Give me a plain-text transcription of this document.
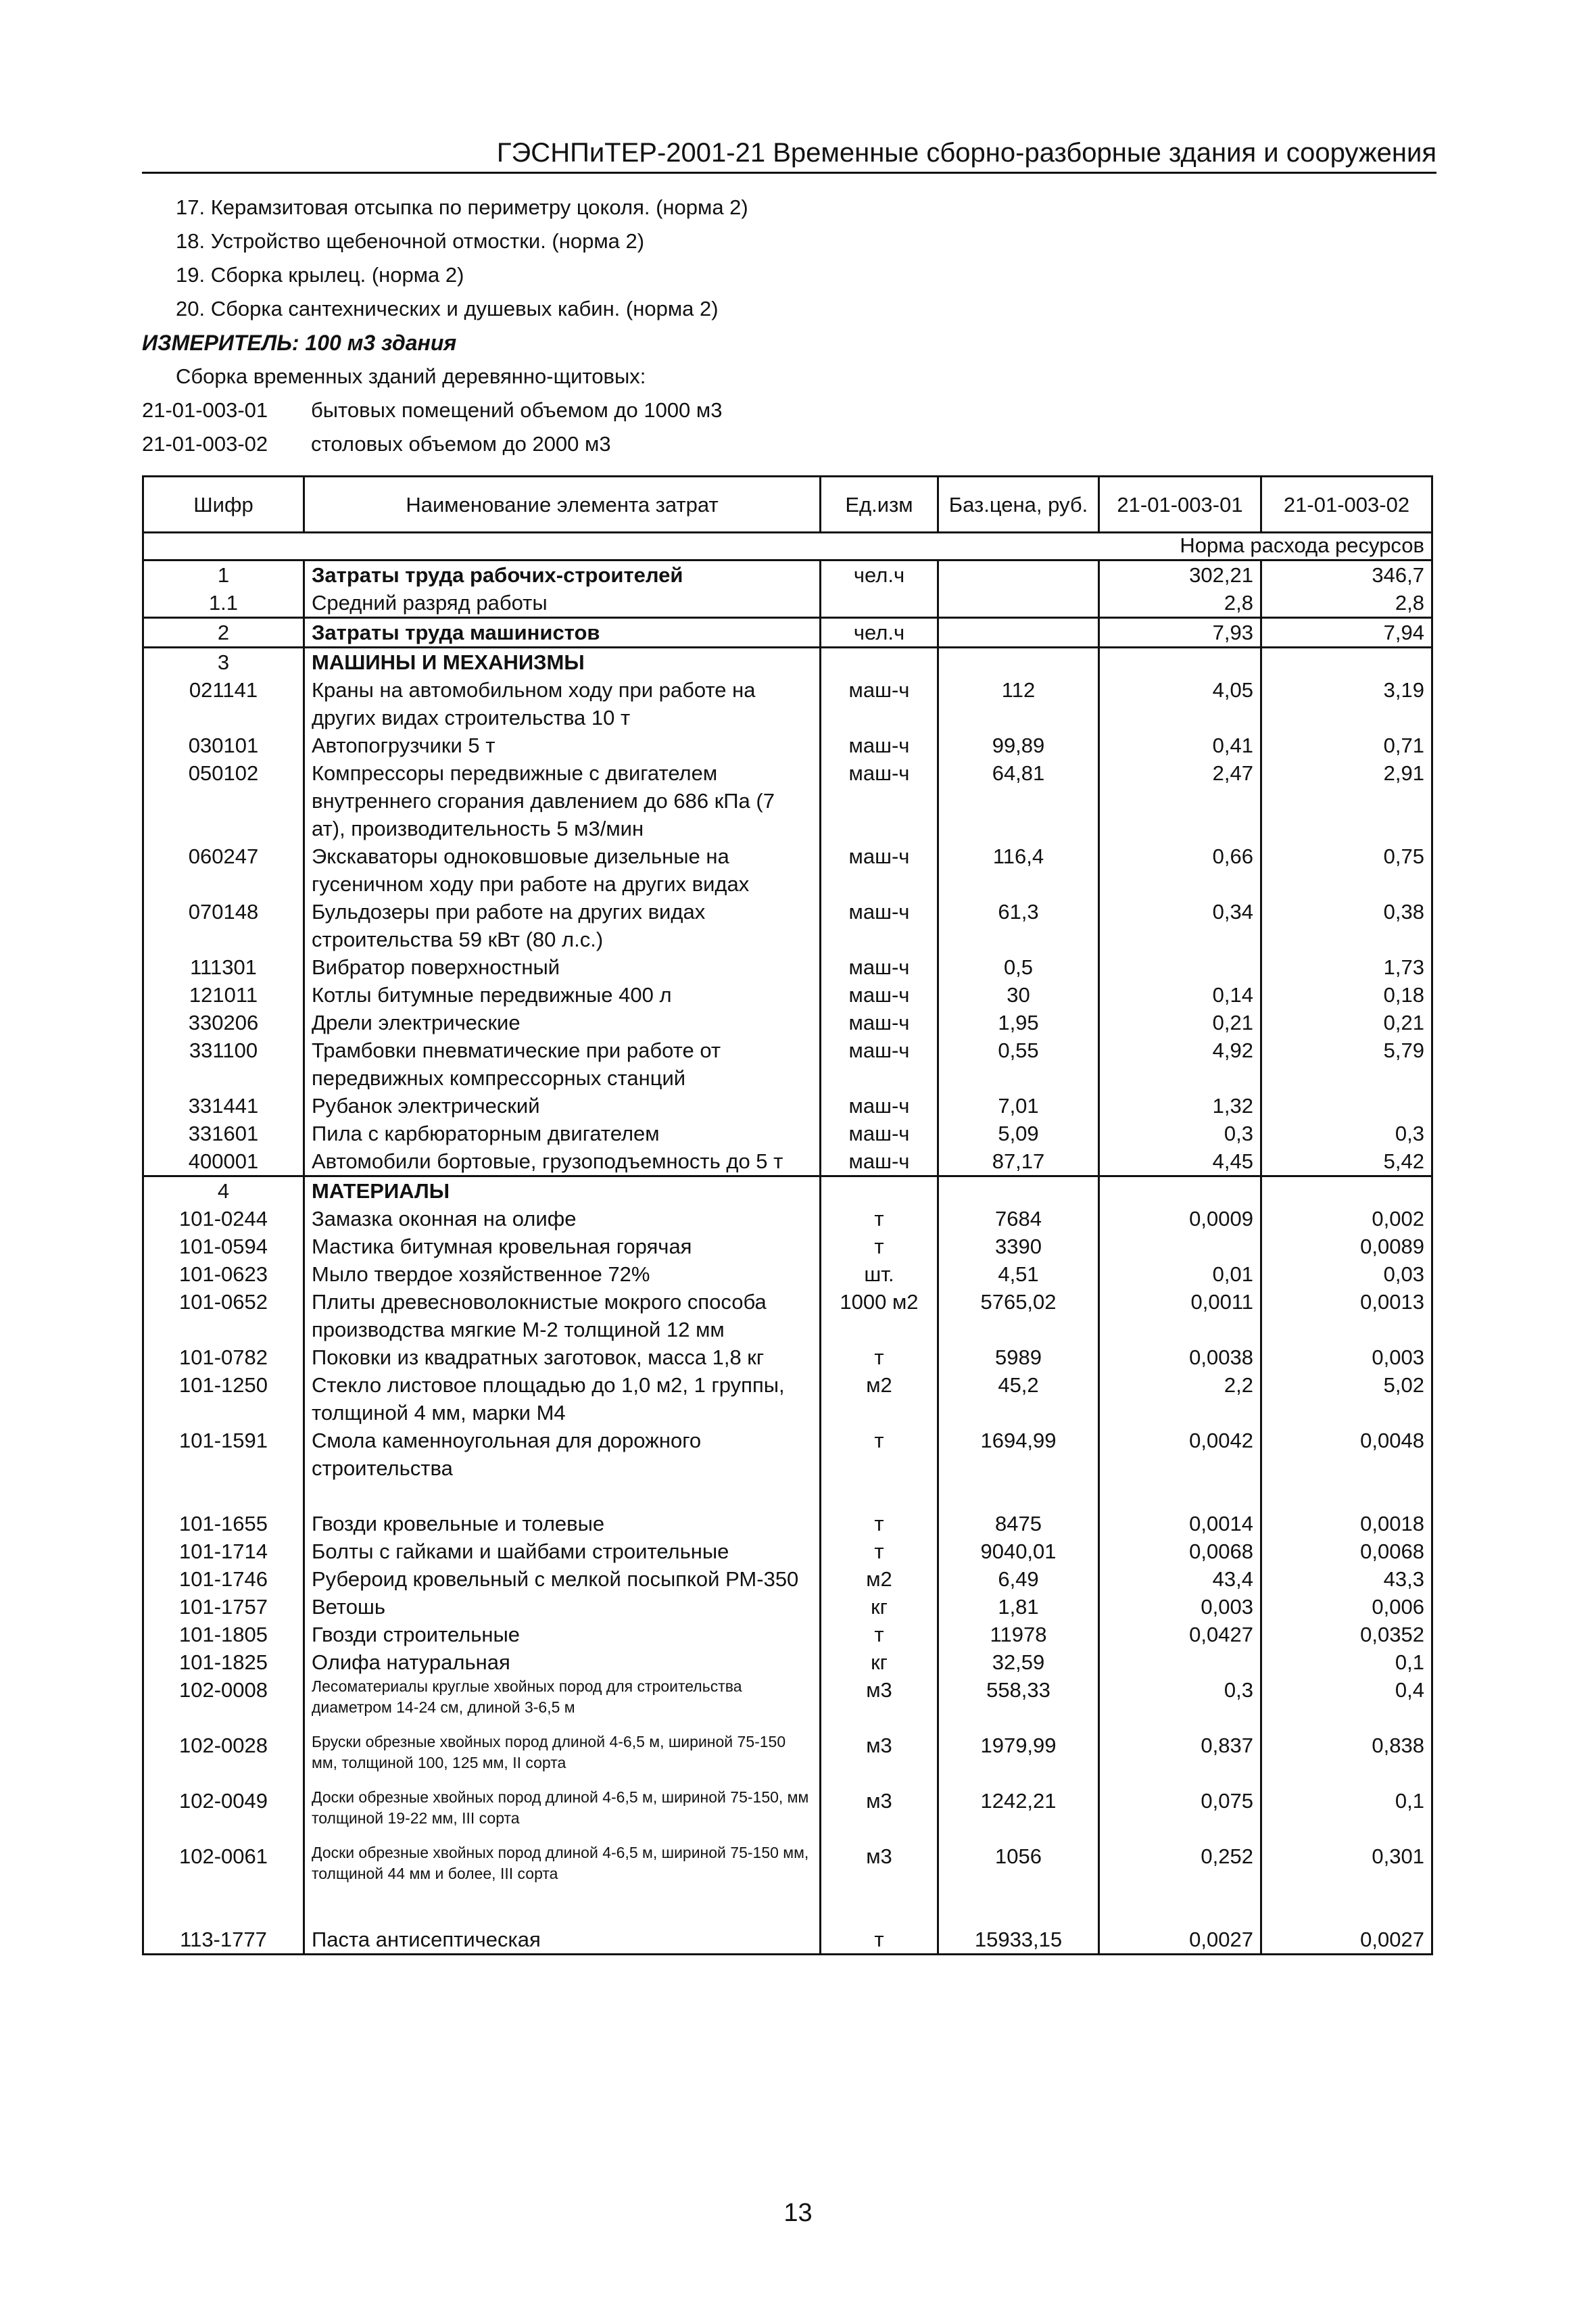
ГЭСНПиТЕР-2001-21 Временные сборно-разборные здания и сооружения
17. Керамзитовая отсыпка по периметру цоколя. (норма 2)
18. Устройство щебеночной отмостки. (норма 2)
19. Сборка крылец. (норма 2)
20. Сборка сантехнических и душевых кабин. (норма 2)
ИЗМЕРИТЕЛЬ: 100 м3 здания
Сборка временных зданий деревянно-щитовых:
21-01-003-01 бытовых помещений объемом до 1000 м3
21-01-003-02 столовых объемом до 2000 м3
Шифр	Наименование элемента затрат	Ед.изм	Баз.цена, руб.	21-01-003-01	21-01-003-02
				Норма расхода ресурсов	
1	Затраты труда рабочих-строителей	чел.ч		302,21	346,7
1.1	Средний разряд работы			2,8	2,8
2	Затраты труда машинистов	чел.ч		7,93	7,94
3	МАШИНЫ И МЕХАНИЗМЫ				
021141	Краны на автомобильном ходу при работе на других видах строительства 10 т	маш-ч	112	4,05	3,19
030101	Автопогрузчики 5 т	маш-ч	99,89	0,41	0,71
050102	Компрессоры передвижные с двигателем внутреннего сгорания давлением до 686 кПа (7 ат), производительность 5 м3/мин	маш-ч	64,81	2,47	2,91
060247	Экскаваторы одноковшовые дизельные на гусеничном ходу при работе на других видах	маш-ч	116,4	0,66	0,75
070148	Бульдозеры при работе на других видах строительства 59 кВт (80 л.с.)	маш-ч	61,3	0,34	0,38
111301	Вибратор поверхностный	маш-ч	0,5		1,73
121011	Котлы битумные передвижные 400 л	маш-ч	30	0,14	0,18
330206	Дрели электрические	маш-ч	1,95	0,21	0,21
331100	Трамбовки пневматические при работе от передвижных компрессорных станций	маш-ч	0,55	4,92	5,79
331441	Рубанок электрический	маш-ч	7,01	1,32	
331601	Пила с карбюраторным двигателем	маш-ч	5,09	0,3	0,3
400001	Автомобили бортовые, грузоподъемность до 5 т	маш-ч	87,17	4,45	5,42
4	МАТЕРИАЛЫ				
101-0244	Замазка оконная на олифе	т	7684	0,0009	0,002
101-0594	Мастика битумная кровельная горячая	т	3390		0,0089
101-0623	Мыло твердое хозяйственное 72%	шт.	4,51	0,01	0,03
101-0652	Плиты древесноволокнистые мокрого способа производства мягкие М-2 толщиной 12 мм	1000 м2	5765,02	0,0011	0,0013
101-0782	Поковки из квадратных заготовок, масса 1,8 кг	т	5989	0,0038	0,003
101-1250	Стекло листовое площадью до 1,0 м2, 1 группы, толщиной 4 мм, марки М4	м2	45,2	2,2	5,02
101-1591	Смола каменноугольная для дорожного строительства	т	1694,99	0,0042	0,0048
101-1655	Гвозди кровельные и толевые	т	8475	0,0014	0,0018
101-1714	Болты с гайками и шайбами строительные	т	9040,01	0,0068	0,0068
101-1746	Рубероид кровельный с мелкой посыпкой РМ-350	м2	6,49	43,4	43,3
101-1757	Ветошь	кг	1,81	0,003	0,006
101-1805	Гвозди строительные	т	11978	0,0427	0,0352
101-1825	Олифа натуральная	кг	32,59		0,1
102-0008	Лесоматериалы круглые хвойных пород для строительства диаметром 14-24 см, длиной 3-6,5 м	м3	558,33	0,3	0,4
102-0028	Бруски обрезные хвойных пород длиной 4-6,5 м, шириной 75-150 мм, толщиной 100, 125 мм, II сорта	м3	1979,99	0,837	0,838
102-0049	Доски обрезные хвойных пород длиной 4-6,5 м, шириной 75-150, мм толщиной 19-22 мм, III сорта	м3	1242,21	0,075	0,1
102-0061	Доски обрезные хвойных пород длиной 4-6,5 м, шириной 75-150 мм, толщиной 44 мм и более, III сорта	м3	1056	0,252	0,301
113-1777	Паста антисептическая	т	15933,15	0,0027	0,0027
13
